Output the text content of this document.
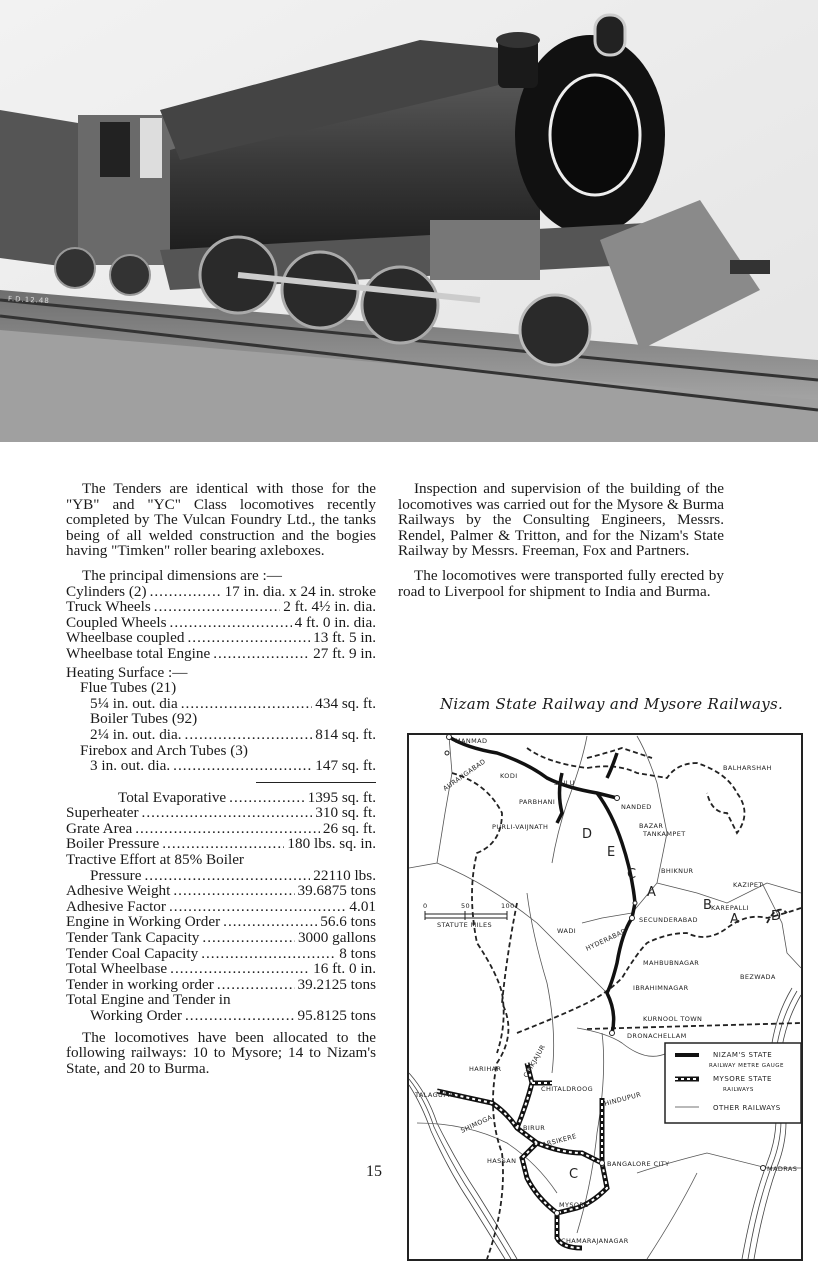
F.D.12.48

The Tenders are identical with those for the "YB" and "YC" Class locomotives recently completed by The Vulcan Foundry Ltd., the tanks being of all welded construction and the bogies having "Timken" roller bearing axleboxes.

The principal dimensions are :—

Cylinders (2) .....	17 in. dia. x 24 in. stroke
Truck Wheels .....	2 ft. 4½ in. dia.
Coupled Wheels .....	4 ft. 0 in. dia.
Wheelbase coupled .....	13 ft. 5 in.
Wheelbase total Engine .....	27 ft. 9 in.

Heating Surface :—

Flue Tubes (21)

5¼ in. out. dia .....	434 sq. ft.

Boiler Tubes (92)

2¼ in. out. dia. .....	814 sq. ft.

Firebox and Arch Tubes (3)

3 in. out. dia. .....	147 sq. ft.
Total Evaporative .....	1395 sq. ft.
Superheater .....	310 sq. ft.
Grate Area .....	26 sq. ft.
Boiler Pressure .....	180 lbs. sq. in.

Tractive Effort at 85% Boiler

Pressure .....	22110 lbs.
Adhesive Weight .....	39.6875 tons
Adhesive Factor .....	4.01
Engine in Working Order .....	56.6 tons
Tender Tank Capacity .....	3000 gallons
Tender Coal Capacity .....	8 tons
Total Wheelbase .....	16 ft. 0 in.
Tender in working order .....	39.2125 tons

Total Engine and Tender in

Working Order .....	95.8125 tons

The locomotives have been allocated to the following railways: 10 to Mysore; 14 to Nizam's State, and 20 to Burma.

Inspection and supervision of the building of the locomotives was carried out for the Mysore & Burma Railways by the Consulting Engineers, Messrs. Rendel, Palmer & Tritton, and for the Nizam's State Railway by Messrs. Freeman, Fox and Partners.

The locomotives were transported fully erected by road to Liverpool for shipment to India and Burma.

Nizam State Railway and Mysore Railways.
0	50	100
STATUTE MILES
MANMAD
AURANGABAD KODI
SAILU
PARBHANI
PURLI-VAIJNATH
NANDED
BAZAR
TANKAMPET
BALHARSHAH
BHIKNUR
KAZIPET
KAREPALLI
SECUNDERABAD
HYDERABAD
WADI
MAHBUBNAGAR
BEZWADA
IBRAHIMNAGAR
KURNOOL TOWN
DRONACHELLAM
HARIHAR
CHITALDROOG
CHIKJAJUR
TALAGUPPA
SHIMOGA	BIRUR
ARSIKERE
HINDUPUR
HASSAN	BANGALORE CITY
MADRAS
MYSORE
CHAMARAJANAGAR
D
E
C
A
B
A D
C
NIZAM'S STATE
RAILWAY METRE GAUGE
MYSORE STATE
RAILWAYS
OTHER RAILWAYS
15
